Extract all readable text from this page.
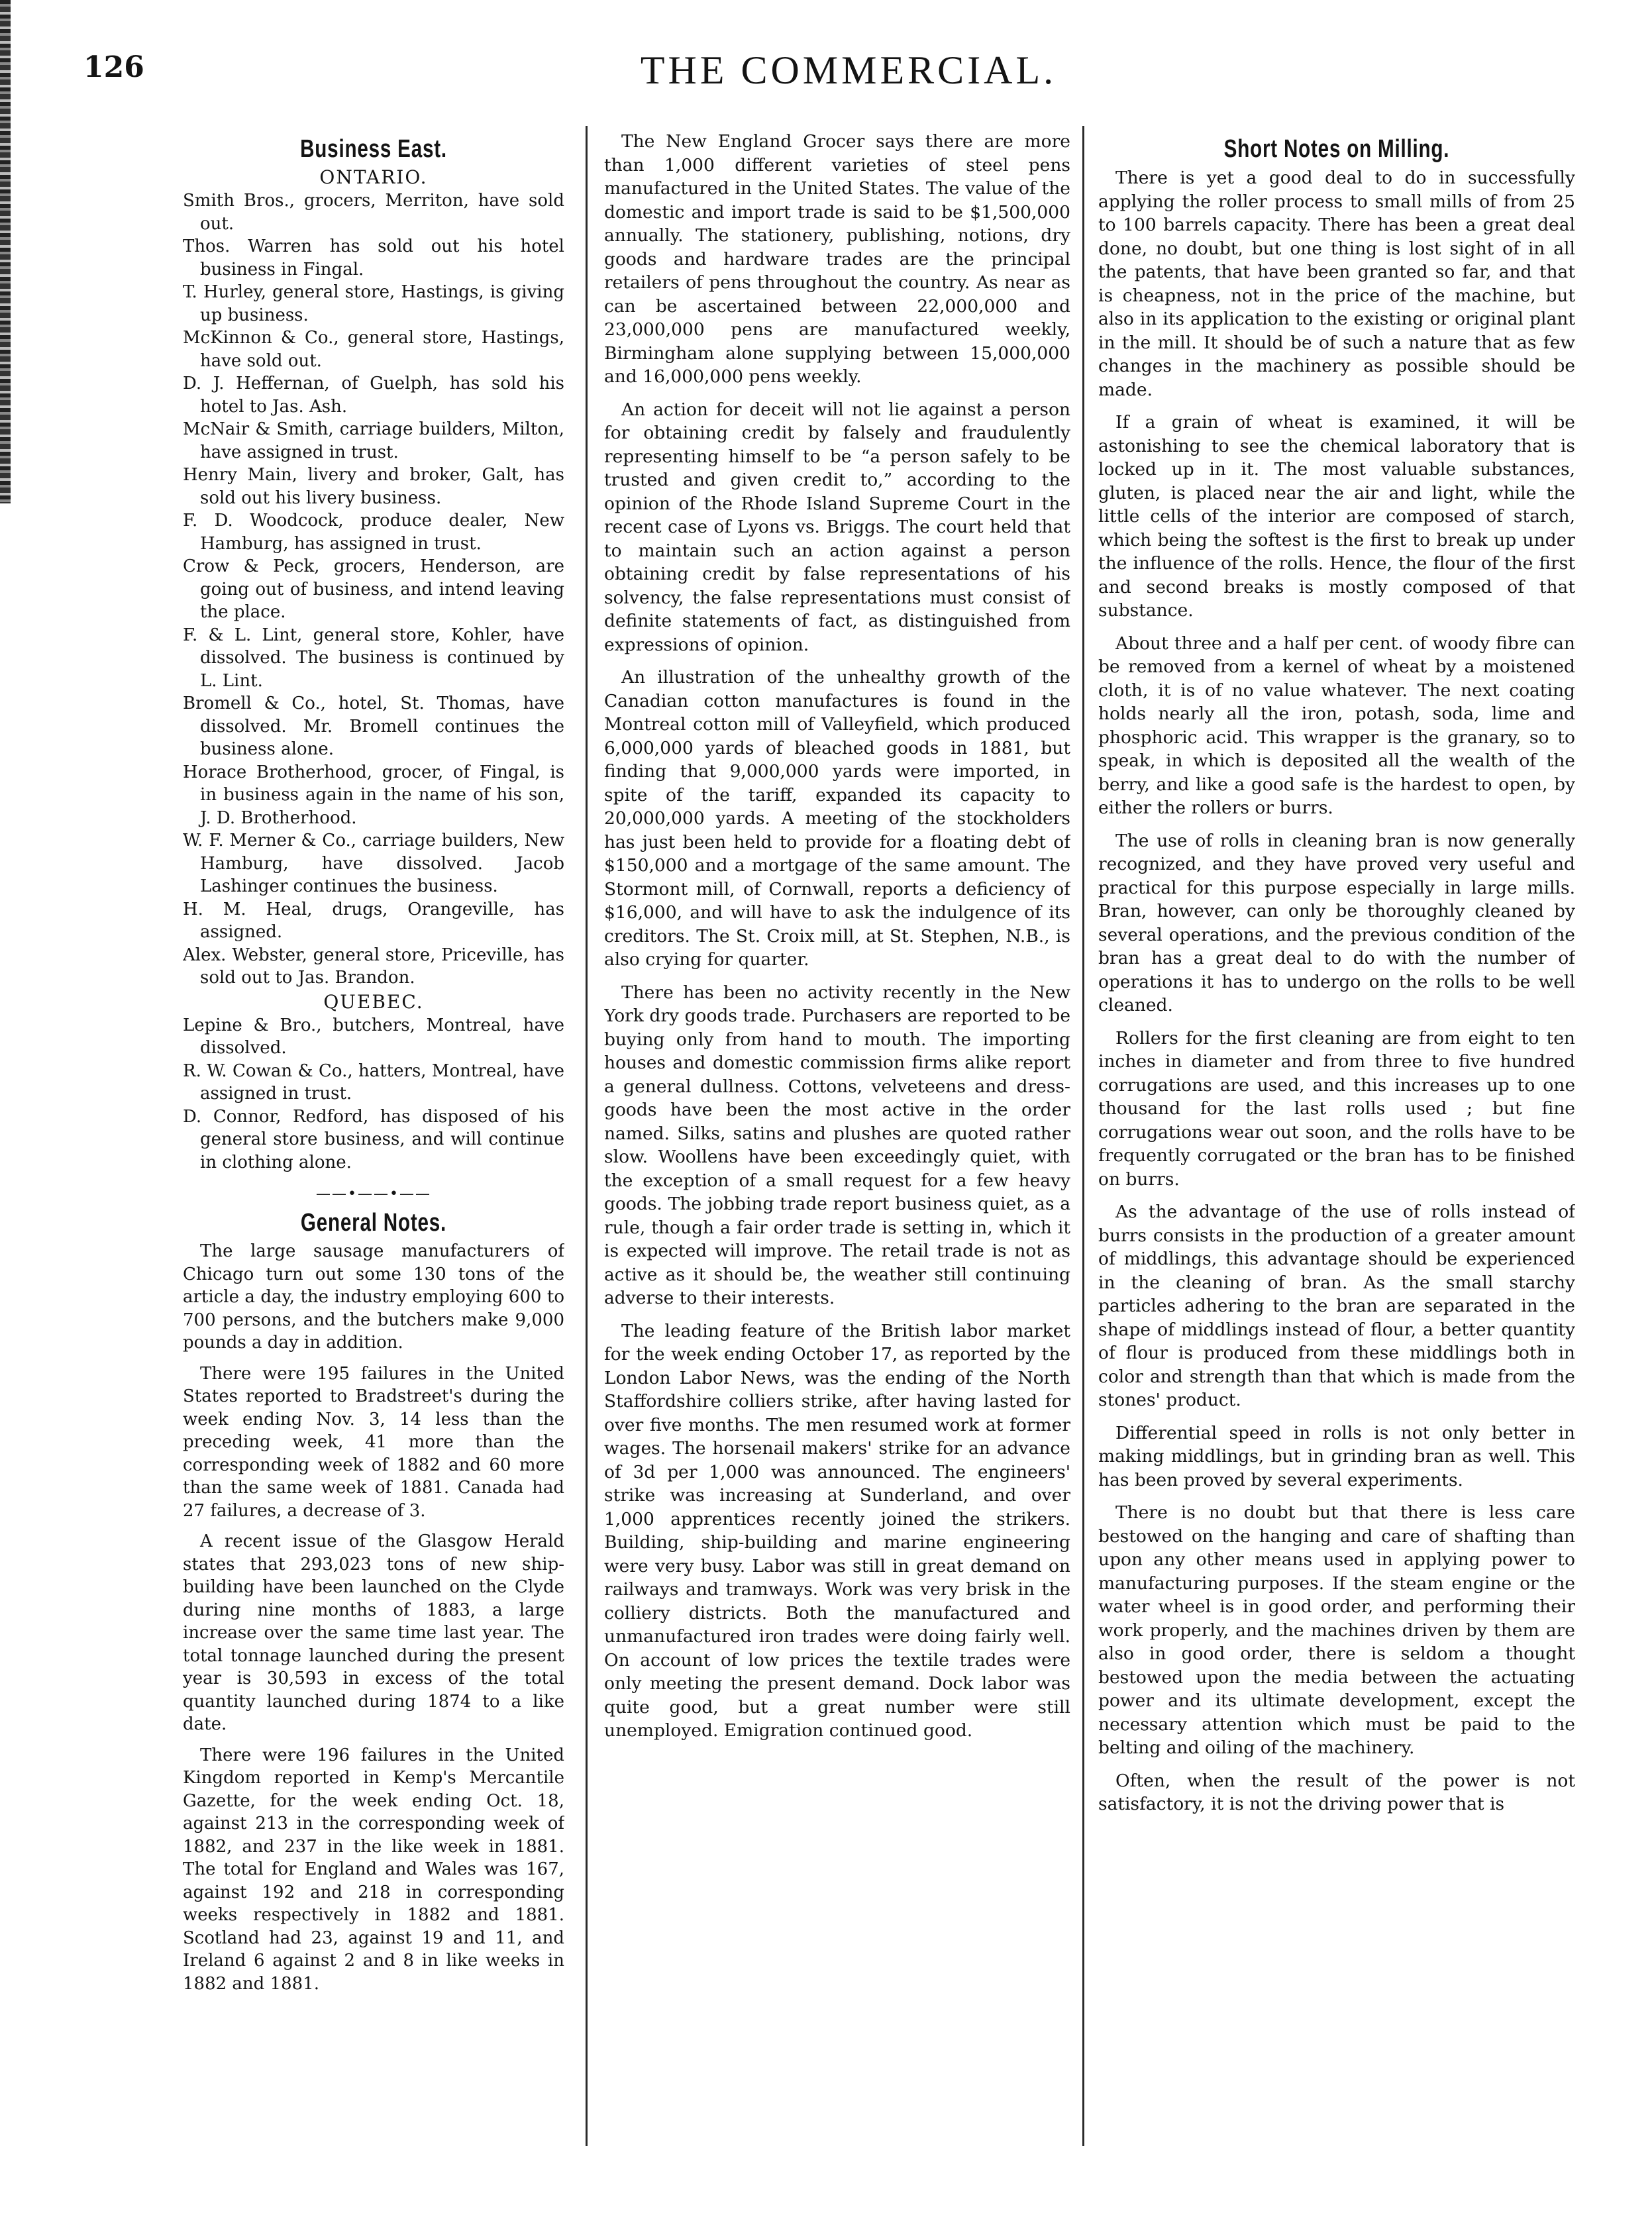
126	THE COMMERCIAL.
Business East.
ONTARIO.

Smith Bros., grocers, Merriton, have sold out.

Thos. Warren has sold out his hotel business in Fingal.

T. Hurley, general store, Hastings, is giving up business.

McKinnon & Co., general store, Hastings, have sold out.

D. J. Heffernan, of Guelph, has sold his hotel to Jas. Ash.

McNair & Smith, carriage builders, Milton, have assigned in trust.

Henry Main, livery and broker, Galt, has sold out his livery business.

F. D. Woodcock, produce dealer, New Hamburg, has assigned in trust.

Crow & Peck, grocers, Henderson, are going out of business, and intend leaving the place.

F. & L. Lint, general store, Kohler, have dissolved. The business is continued by L. Lint.

Bromell & Co., hotel, St. Thomas, have dissolved. Mr. Bromell continues the business alone.

Horace Brotherhood, grocer, of Fingal, is in business again in the name of his son, J. D. Brotherhood.

W. F. Merner & Co., carriage builders, New Hamburg, have dissolved. Jacob Lashinger continues the business.

H. M. Heal, drugs, Orangeville, has assigned.

Alex. Webster, general store, Priceville, has sold out to Jas. Brandon.

QUEBEC.

Lepine & Bro., butchers, Montreal, have dissolved.

R. W. Cowan & Co., hatters, Montreal, have assigned in trust.

D. Connor, Redford, has disposed of his general store business, and will continue in clothing alone.

——•——•——
General Notes.

The large sausage manufacturers of Chicago turn out some 130 tons of the article a day, the industry employing 600 to 700 persons, and the butchers make 9,000 pounds a day in addition.

There were 195 failures in the United States reported to Bradstreet's during the week ending Nov. 3, 14 less than the preceding week, 41 more than the corresponding week of 1882 and 60 more than the same week of 1881. Canada had 27 failures, a decrease of 3.

A recent issue of the Glasgow Herald states that 293,023 tons of new ship-building have been launched on the Clyde during nine months of 1883, a large increase over the same time last year. The total tonnage launched during the present year is 30,593 in excess of the total quantity launched during 1874 to a like date.

There were 196 failures in the United Kingdom reported in Kemp's Mercantile Gazette, for the week ending Oct. 18, against 213 in the corresponding week of 1882, and 237 in the like week in 1881. The total for England and Wales was 167, against 192 and 218 in corresponding weeks respectively in 1882 and 1881. Scotland had 23, against 19 and 11, and Ireland 6 against 2 and 8 in like weeks in 1882 and 1881.

The New England Grocer says there are more than 1,000 different varieties of steel pens manufactured in the United States. The value of the domestic and import trade is said to be $1,500,000 annually. The stationery, publishing, notions, dry goods and hardware trades are the principal retailers of pens throughout the country. As near as can be ascertained between 22,000,000 and 23,000,000 pens are manufactured weekly, Birmingham alone supplying between 15,000,000 and 16,000,000 pens weekly.

An action for deceit will not lie against a person for obtaining credit by falsely and fraudulently representing himself to be “a person safely to be trusted and given credit to,” according to the opinion of the Rhode Island Supreme Court in the recent case of Lyons vs. Briggs. The court held that to maintain such an action against a person obtaining credit by false representations of his solvency, the false representations must consist of definite statements of fact, as distinguished from expressions of opinion.

An illustration of the unhealthy growth of the Canadian cotton manufactures is found in the Montreal cotton mill of Valleyfield, which produced 6,000,000 yards of bleached goods in 1881, but finding that 9,000,000 yards were imported, in spite of the tariff, expanded its capacity to 20,000,000 yards. A meeting of the stockholders has just been held to provide for a floating debt of $150,000 and a mortgage of the same amount. The Stormont mill, of Cornwall, reports a deficiency of $16,000, and will have to ask the indulgence of its creditors. The St. Croix mill, at St. Stephen, N.B., is also crying for quarter.

There has been no activity recently in the New York dry goods trade. Purchasers are reported to be buying only from hand to mouth. The importing houses and domestic commission firms alike report a general dullness. Cottons, velveteens and dress-goods have been the most active in the order named. Silks, satins and plushes are quoted rather slow. Woollens have been exceedingly quiet, with the exception of a small request for a few heavy goods. The jobbing trade report business quiet, as a rule, though a fair order trade is setting in, which it is expected will improve. The retail trade is not as active as it should be, the weather still continuing adverse to their interests.

The leading feature of the British labor market for the week ending October 17, as reported by the London Labor News, was the ending of the North Staffordshire colliers strike, after having lasted for over five months. The men resumed work at former wages. The horsenail makers' strike for an advance of 3d per 1,000 was announced. The engineers' strike was increasing at Sunderland, and over 1,000 apprentices recently joined the strikers. Building, ship-building and marine engineering were very busy. Labor was still in great demand on railways and tramways. Work was very brisk in the colliery districts. Both the manufactured and unmanufactured iron trades were doing fairly well. On account of low prices the textile trades were only meeting the present demand. Dock labor was quite good, but a great number were still unemployed. Emigration continued good.

Short Notes on Milling.

There is yet a good deal to do in successfully applying the roller process to small mills of from 25 to 100 barrels capacity. There has been a great deal done, no doubt, but one thing is lost sight of in all the patents, that have been granted so far, and that is cheapness, not in the price of the machine, but also in its application to the existing or original plant in the mill. It should be of such a nature that as few changes in the machinery as possible should be made.

If a grain of wheat is examined, it will be astonishing to see the chemical laboratory that is locked up in it. The most valuable substances, gluten, is placed near the air and light, while the little cells of the interior are composed of starch, which being the softest is the first to break up under the influence of the rolls. Hence, the flour of the first and second breaks is mostly composed of that substance.

About three and a half per cent. of woody fibre can be removed from a kernel of wheat by a moistened cloth, it is of no value whatever. The next coating holds nearly all the iron, potash, soda, lime and phosphoric acid. This wrapper is the granary, so to speak, in which is deposited all the wealth of the berry, and like a good safe is the hardest to open, by either the rollers or burrs.

The use of rolls in cleaning bran is now generally recognized, and they have proved very useful and practical for this purpose especially in large mills. Bran, however, can only be thoroughly cleaned by several operations, and the previous condition of the bran has a great deal to do with the number of operations it has to undergo on the rolls to be well cleaned.

Rollers for the first cleaning are from eight to ten inches in diameter and from three to five hundred corrugations are used, and this increases up to one thousand for the last rolls used ; but fine corrugations wear out soon, and the rolls have to be frequently corrugated or the bran has to be finished on burrs.

As the advantage of the use of rolls instead of burrs consists in the production of a greater amount of middlings, this advantage should be experienced in the cleaning of bran. As the small starchy particles adhering to the bran are separated in the shape of middlings instead of flour, a better quantity of flour is produced from these middlings both in color and strength than that which is made from the stones' product.

Differential speed in rolls is not only better in making middlings, but in grinding bran as well. This has been proved by several experiments.

There is no doubt but that there is less care bestowed on the hanging and care of shafting than upon any other means used in applying power to manufacturing purposes. If the steam engine or the water wheel is in good order, and performing their work properly, and the machines driven by them are also in good order, there is seldom a thought bestowed upon the media between the actuating power and its ultimate development, except the necessary attention which must be paid to the belting and oiling of the machinery.

Often, when the result of the power is not satisfactory, it is not the driving power that is
